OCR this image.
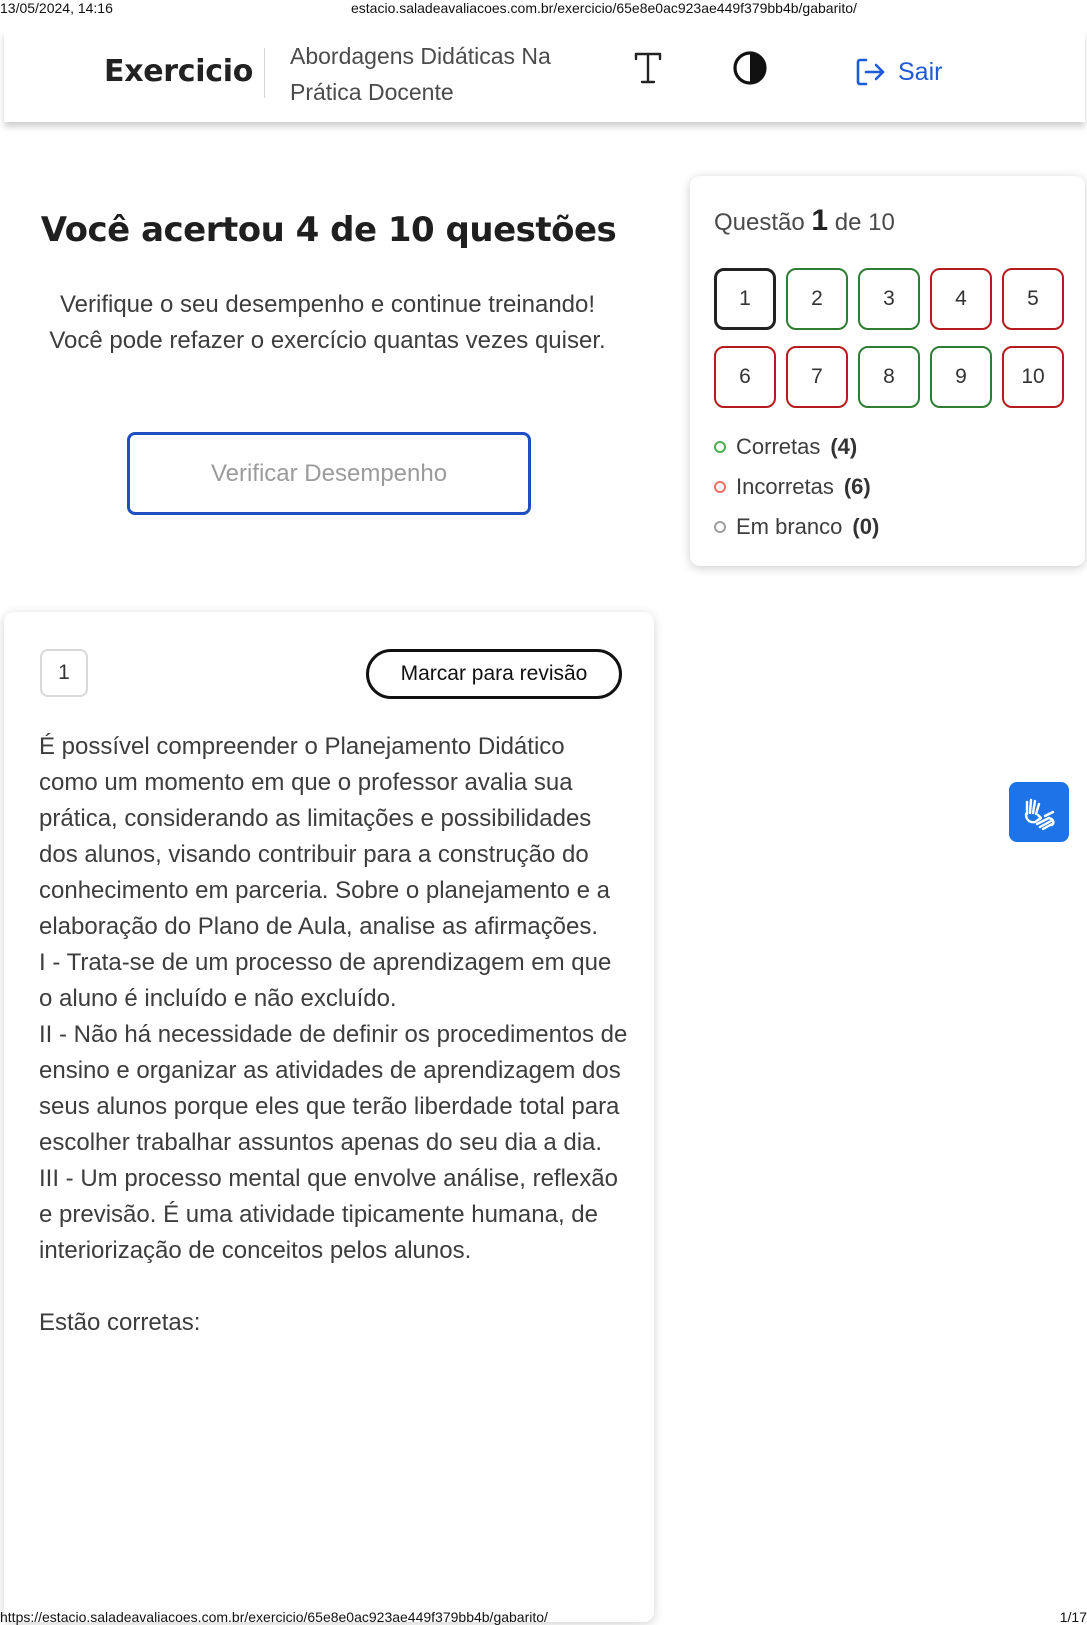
13/05/2024, 14:16	estacio.saladeavaliacoes.com.br/exercicio/65e8e0ac923ae449f379bb4b/gabarito/
Exercicio Abordagens Didáticas Na Prática Docente
Sair
Você acertou 4 de 10 questões
Verifique o seu desempenho e continue treinando! Você pode refazer o exercício quantas vezes quiser.
Verificar Desempenho
Questão 1 de 10
1	2	3	4	5
6	7	8	9	10
Corretas (4)
Incorretas (6)
Em branco (0)
1	Marcar para revisão

É possível compreender o Planejamento Didático como um momento em que o professor avalia sua prática, considerando as limitações e possibilidades dos alunos, visando contribuir para a construção do conhecimento em parceria. Sobre o planejamento e a elaboração do Plano de Aula, analise as afirmações.

I - Trata-se de um processo de aprendizagem em que o aluno é incluído e não excluído.

II - Não há necessidade de definir os procedimentos de ensino e organizar as atividades de aprendizagem dos seus alunos porque eles que terão liberdade total para escolher trabalhar assuntos apenas do seu dia a dia.

III - Um processo mental que envolve análise, reflexão e previsão. É uma atividade tipicamente humana, de interiorização de conceitos pelos alunos.

Estão corretas:

https://estacio.saladeavaliacoes.com.br/exercicio/65e8e0ac923ae449f379bb4b/gabarito/	1/17
